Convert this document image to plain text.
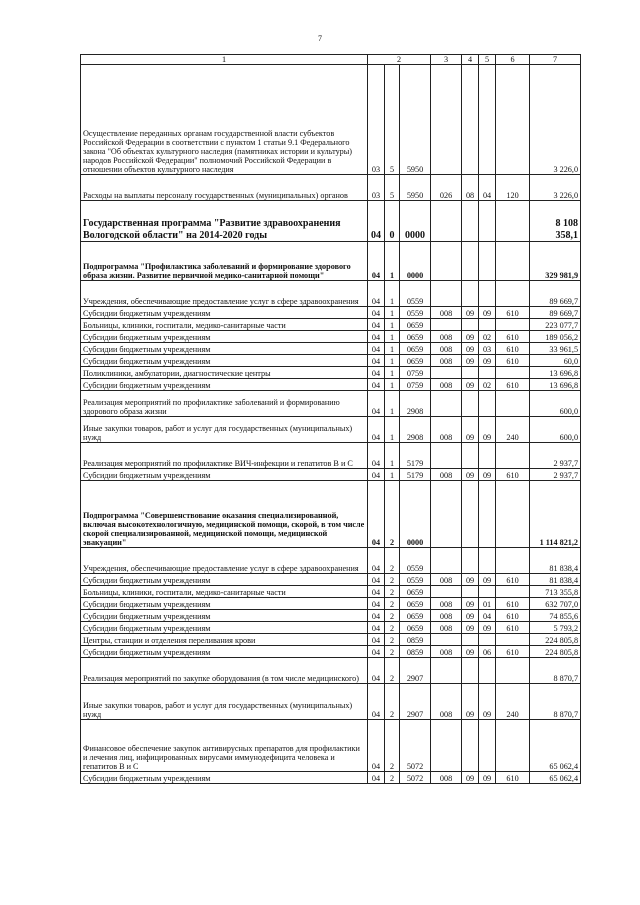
7
1	2			3	4	5	6	7
Осуществление переданных органам государственной власти субъектов Российской Федерации в соответствии с пунктом 1 статьи 9.1 Федерального закона "Об объектах культурного наследия (памятниках истории и культуры) народов Российской Федерации" полномочий Российской Федерации в отношении объектов культурного наследия	03	5	5950					3 226,0
Расходы на выплаты персоналу государственных (муниципальных) органов	03	5	5950	026	08	04	120	3 226,0
Государственная программа "Развитие здравоохранения Вологодской области" на 2014-2020 годы	04	0	0000					8 108 358,1
Подпрограмма "Профилактика заболеваний и формирование здорового образа жизни. Развитие первичной медико-санитарной помощи"	04	1	0000					329 981,9
Учреждения, обеспечивающие предоставление услуг в сфере здравоохранения	04	1	0559					89 669,7
Субсидии бюджетным учреждениям	04	1	0559	008	09	09	610	89 669,7
Больницы, клиники, госпитали, медико-санитарные части	04	1	0659					223 077,7
Субсидии бюджетным учреждениям	04	1	0659	008	09	02	610	189 056,2
Субсидии бюджетным учреждениям	04	1	0659	008	09	03	610	33 961,5
Субсидии бюджетным учреждениям	04	1	0659	008	09	09	610	60,0
Поликлиники, амбулатории, диагностические центры	04	1	0759					13 696,8
Субсидии бюджетным учреждениям	04	1	0759	008	09	02	610	13 696,8
Реализация мероприятий по профилактике заболеваний и формированию здорового образа жизни	04	1	2908					600,0
Иные закупки товаров, работ и услуг для государственных (муниципальных) нужд	04	1	2908	008	09	09	240	600,0
Реализация мероприятий по профилактике ВИЧ-инфекции и гепатитов В и С	04	1	5179					2 937,7
Субсидии бюджетным учреждениям	04	1	5179	008	09	09	610	2 937,7
Подпрограмма "Совершенствование оказания специализированной, включая высокотехнологичную, медицинской помощи, скорой, в том числе скорой специализированной, медицинской помощи, медицинской эвакуации"	04	2	0000					1 114 821,2
Учреждения, обеспечивающие предоставление услуг в сфере здравоохранения	04	2	0559					81 838,4
Субсидии бюджетным учреждениям	04	2	0559	008	09	09	610	81 838,4
Больницы, клиники, госпитали, медико-санитарные части	04	2	0659					713 355,8
Субсидии бюджетным учреждениям	04	2	0659	008	09	01	610	632 707,0
Субсидии бюджетным учреждениям	04	2	0659	008	09	04	610	74 855,6
Субсидии бюджетным учреждениям	04	2	0659	008	09	09	610	5 793,2
Центры, станции и отделения переливания крови	04	2	0859					224 805,8
Субсидии бюджетным учреждениям	04	2	0859	008	09	06	610	224 805,8
Реализация мероприятий по закупке оборудования (в том числе медицинского)	04	2	2907					8 870,7
Иные закупки товаров, работ и услуг для государственных (муниципальных) нужд	04	2	2907	008	09	09	240	8 870,7
Финансовое обеспечение закупок антивирусных препаратов для профилактики и лечения лиц, инфицированных вирусами иммунодефицита человека и гепатитов В и С	04	2	5072					65 062,4
Субсидии бюджетным учреждениям	04	2	5072	008	09	09	610	65 062,4
